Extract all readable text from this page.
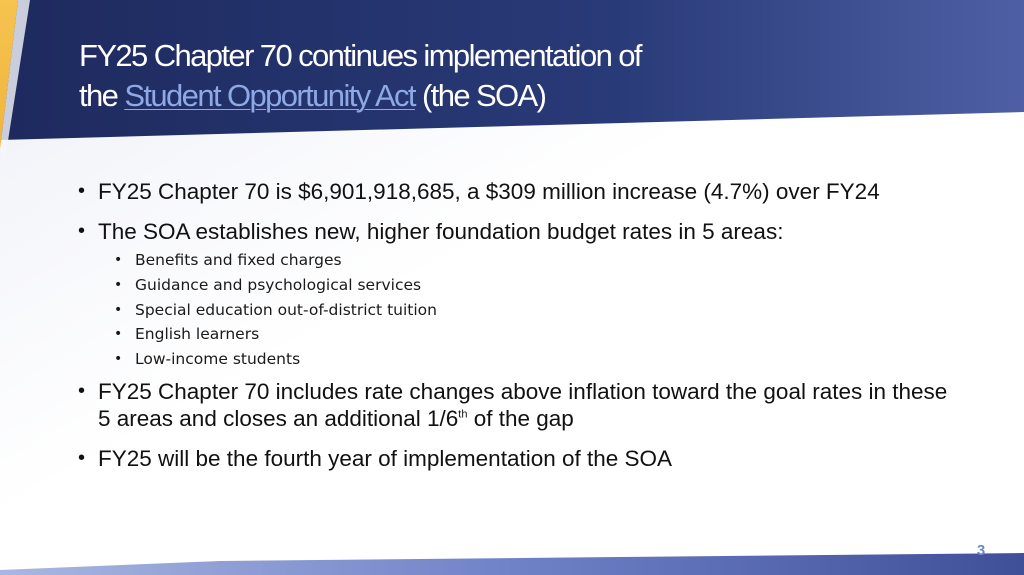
FY25 Chapter 70 continues implementation of
the Student Opportunity Act (the SOA)
• FY25 Chapter 70 is $6,901,918,685, a $309 million increase (4.7%) over FY24
• The SOA establishes new, higher foundation budget rates in 5 areas:
• Benefits and fixed charges
• Guidance and psychological services
• Special education out-of-district tuition
• English learners
• Low-income students
• FY25 Chapter 70 includes rate changes above inflation toward the goal rates in these 5 areas and closes an additional 1/6th of the gap
• FY25 will be the fourth year of implementation of the SOA
3
